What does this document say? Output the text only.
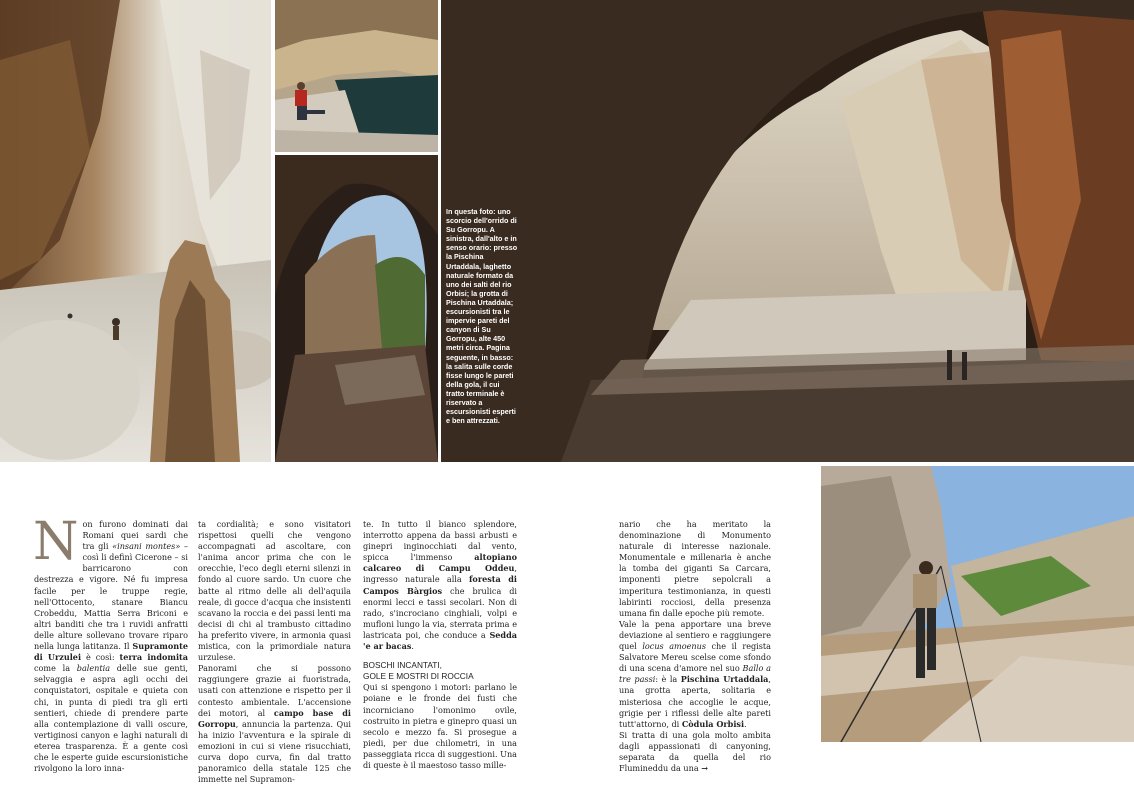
In questa foto: uno scorcio dell'orrido di Su Gorropu. A sinistra, dall'alto e in senso orario: presso la Pischina Urtaddala, laghetto naturale formato da uno dei salti del rio Orbisi; la grotta di Pischina Urtaddala; escursionisti tra le impervie pareti del canyon di Su Gorropu, alte 450 metri circa. Pagina seguente, in basso: la salita sulle corde fisse lungo le pareti della gola, il cui tratto terminale è riservato a escursionisti esperti e ben attrezzati.

Non furono dominati dai Romani quei sardi che tra gli «insani montes» – così li definì Cicerone – si barricarono con destrezza e vigore. Né fu impresa facile per le truppe regie, nell'Ottocento, stanare Biancu Crobeddu, Mattia Serra Briconi e altri banditi che tra i ruvidi anfratti delle alture sollevano trovare riparo nella lunga latitanza. Il Supramonte di Urzulei è così: terra indomita come la balentia delle sue genti, selvaggia e aspra agli occhi dei conquistatori, ospitale e quieta con chi, in punta di piedi tra gli erti sentieri, chiede di prendere parte alla contemplazione di valli oscure, vertiginosi canyon e laghi naturali di eterea trasparenza. È a gente così che le esperte guide escursionistiche rivolgono la loro inna-

ta cordialità; e sono visitatori rispettosi quelli che vengono accompagnati ad ascoltare, con l'anima ancor prima che con le orecchie, l'eco degli eterni silenzi in fondo al cuore sardo. Un cuore che batte al ritmo delle ali dell'aquila reale, di gocce d'acqua che insistenti scavano la roccia e dei passi lenti ma decisi di chi al trambusto cittadino ha preferito vivere, in armonia quasi mistica, con la primordiale natura urzulese.

Panorami che si possono raggiungere grazie ai fuoristrada, usati con attenzione e rispetto per il contesto ambientale. L'accensione dei motori, al campo base di Gorropu, annuncia la partenza. Qui ha inizio l'avventura e la spirale di emozioni in cui si viene risucchiati, curva dopo curva, fin dal tratto panoramico della statale 125 che immette nel Supramon-

te. In tutto il bianco splendore, interrotto appena da bassi arbusti e ginepri inginocchiati dal vento, spicca l'immenso altopiano calcareo di Campu Oddeu, ingresso naturale alla foresta di Campos Bàrgios che brulica di enormi lecci e tassi secolari. Non di rado, s'incrociano cinghiali, volpi e mufloni lungo la via, sterrata prima e lastricata poi, che conduce a Sedda 'e ar bacas.

BOSCHI INCANTATI,
GOLE E MOSTRI DI ROCCIA

Qui si spengono i motori: parlano le poiane e le fronde dei fusti che incorniciano l'omonimo ovile, costruito in pietra e ginepro quasi un secolo e mezzo fa. Si prosegue a piedi, per due chilometri, in una passeggiata ricca di suggestioni. Una di queste è il maestoso tasso mille-

nario che ha meritato la denominazione di Monumento naturale di interesse nazionale. Monumentale e millenaria è anche la tomba dei giganti Sa Carcara, imponenti pietre sepolcrali a imperitura testimonianza, in questi labirinti rocciosi, della presenza umana fin dalle epoche più remote.

Vale la pena apportare una breve deviazione al sentiero e raggiungere quel locus amoenus che il regista Salvatore Mereu scelse come sfondo di una scena d'amore nel suo Ballo a tre passi: è la Pischina Urtaddala, una grotta aperta, solitaria e misteriosa che accoglie le acque, grigie per i riflessi delle alte pareti tutt'attorno, di Còdula Orbisi.

Si tratta di una gola molto ambita dagli appassionati di canyoning, separata da quella del rio Flumineddu da una →
